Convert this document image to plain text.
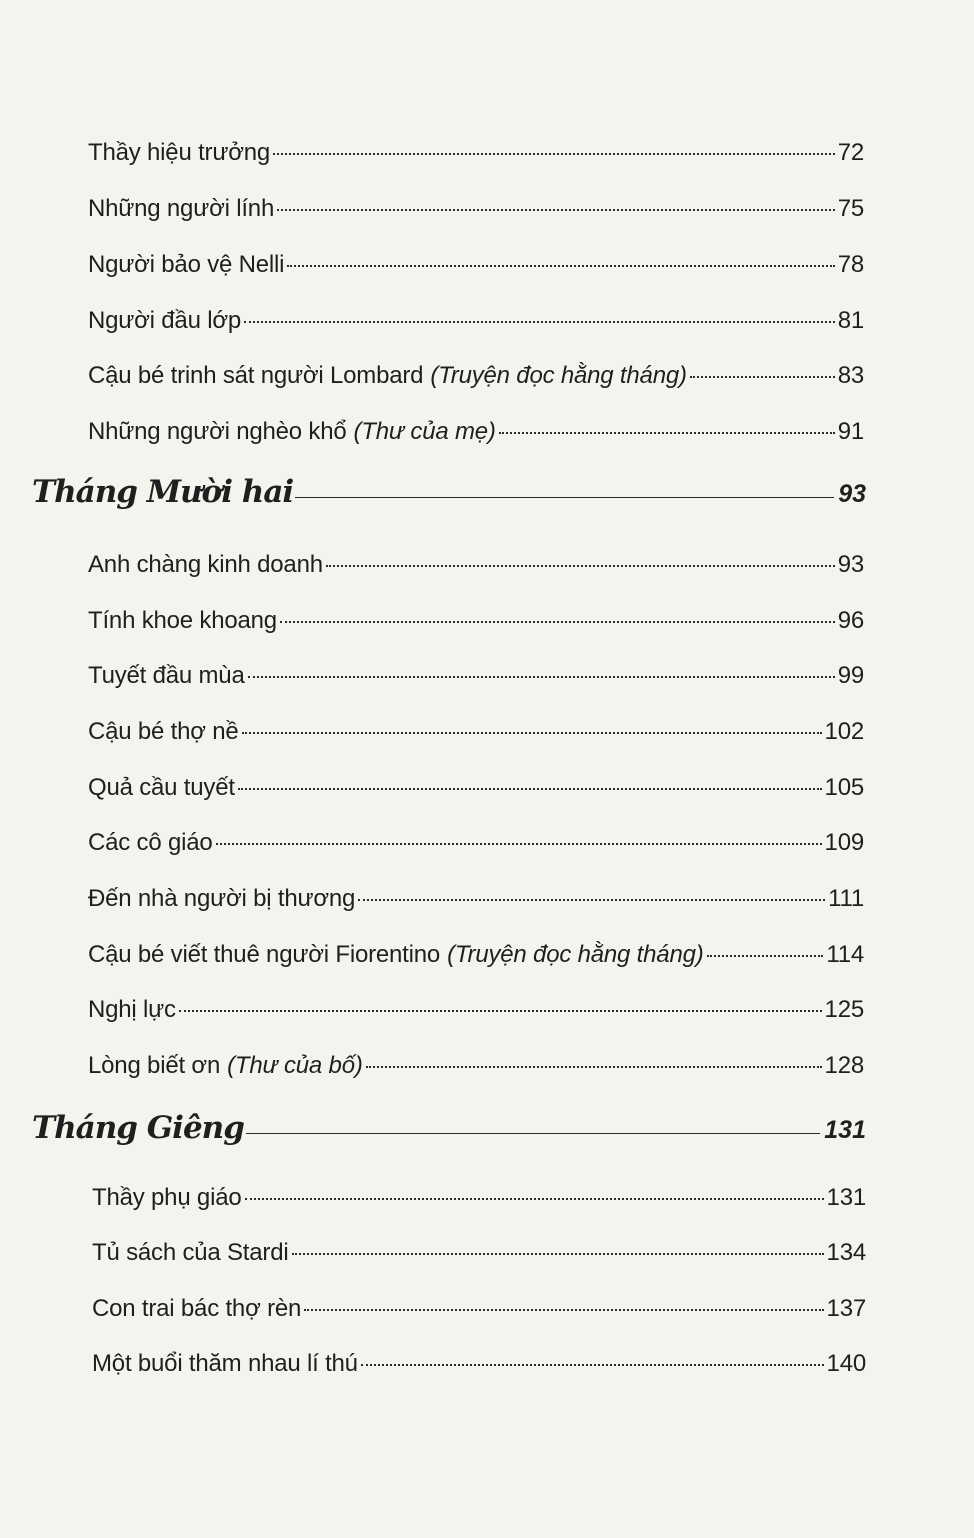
Thầy hiệu trưởng	72
Những người lính	75
Người bảo vệ Nelli	78
Người đầu lớp	81
Cậu bé trinh sát người Lombard (Truyện đọc hằng tháng)	83
Những người nghèo khổ (Thư của mẹ)	91
Tháng Mười hai	93
Anh chàng kinh doanh	93
Tính khoe khoang	96
Tuyết đầu mùa	99
Cậu bé thợ nề	102
Quả cầu tuyết	105
Các cô giáo	109
Đến nhà người bị thương	111
Cậu bé viết thuê người Fiorentino (Truyện đọc hằng tháng)	114
Nghị lực	125
Lòng biết ơn (Thư của bố)	128
Tháng Giêng	131
Thầy phụ giáo	131
Tủ sách của Stardi	134
Con trai bác thợ rèn	137
Một buổi thăm nhau lí thú	140
